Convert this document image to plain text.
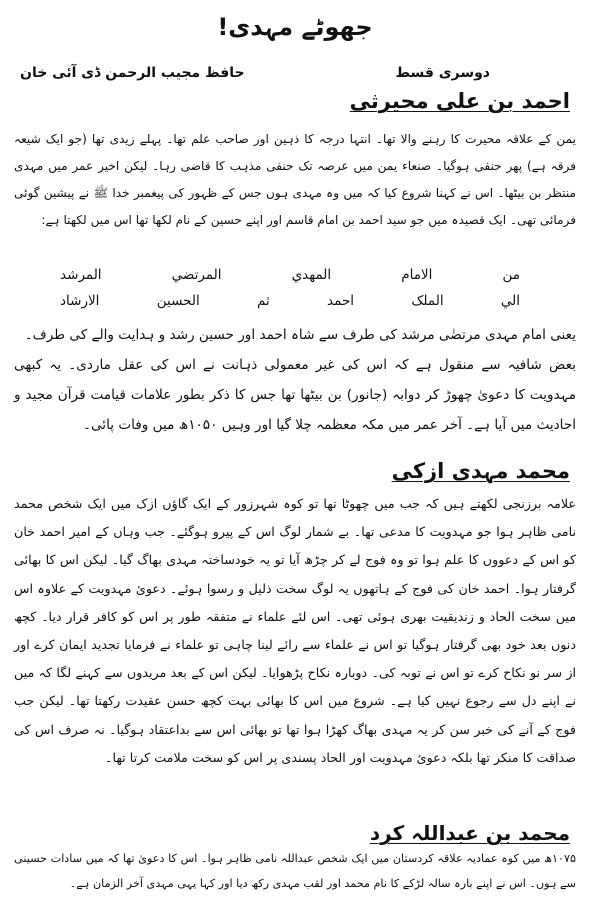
جھوٹے مہدی!
دوسری قسط
حافظ مجیب الرحمن ڈی آئی خان
احمد بن علی محیرثی

یمن کے علاقہ محیرت کا رہنے والا تھا۔ انتہا درجہ کا ذہین اور صاحب علم تھا۔ پہلے زیدی تھا (جو ایک شیعہ فرقہ ہے) پھر حنفی ہوگیا۔ صنعاء یمن میں عرصہ تک حنفی مذہب کا قاضی رہا۔ لیکن اخیر عمر میں مہدی منتظر بن بیٹھا۔ اس نے کہنا شروع کیا کہ میں وہ مہدی ہوں جس کے ظہور کی پیغمبر خدا ﷺ نے پیشین گوئی فرمائی تھی۔ ایک قصیدہ میں جو سید احمد بن امام قاسم اور اپنے حسین کے نام لکھا تھا اس میں لکھتا ہے:

من
الامام
المهدي
المرتضي
المرشد
الي
الملک
احمد
ثم
الحسين
الارشاد

یعنی امام مہدی مرتضٰی مرشد کی طرف سے شاہ احمد اور حسین رشد و ہدایت والے کی طرف۔

بعض شافیہ سے منقول ہے کہ اس کی غیر معمولی ذہانت نے اس کی عقل ماردی۔ یہ کبھی مہدویت کا دعویٰ چھوڑ کر دوابہ (جانور) بن بیٹھا تھا جس کا ذکر بطور علامات قیامت قرآن مجید و احادیث میں آیا ہے۔ آخر عمر میں مکہ معظمہ چلا گیا اور وہیں ۱۰۵۰ھ میں وفات پائی۔

محمد مہدی ازکی

علامہ برزنجی لکھتے ہیں کہ جب میں چھوٹا تھا تو کوہ شہرزور کے ایک گاؤں ازک میں ایک شخص محمد نامی ظاہر ہوا جو مہدویت کا مدعی تھا۔ بے شمار لوگ اس کے پیرو ہوگئے۔ جب وہاں کے امیر احمد خان کو اس کے دعووں کا علم ہوا تو وہ فوج لے کر چڑھ آیا تو یہ خودساختہ مہدی بھاگ گیا۔ لیکن اس کا بھائی گرفتار ہوا۔ احمد خان کی فوج کے ہاتھوں یہ لوگ سخت ذلیل و رسوا ہوئے۔ دعوئ مہدویت کے علاوہ اس میں سخت الحاد و زندیقیت بھری ہوئی تھی۔ اس لئے علماء نے متفقہ طور پر اس کو کافر قرار دیا۔ کچھ دنوں بعد خود بھی گرفتار ہوگیا تو اس نے علماء سے رائے لینا چاہی تو علماء نے فرمایا تجدید ایمان کرے اور از سر نو نکاح کرے تو اس نے توبہ کی۔ دوبارہ نکاح پڑھوایا۔ لیکن اس کے بعد مریدوں سے کہنے لگا کہ میں نے اپنے دل سے رجوع نہیں کیا ہے۔ شروع میں اس کا بھائی بہت کچھ حسن عقیدت رکھتا تھا۔ لیکن جب فوج کے آنے کی خبر سن کر یہ مہدی بھاگ کھڑا ہوا تھا تو بھائی اس سے بداعتقاد ہوگیا۔ نہ صرف اس کی صداقت کا منکر تھا بلکہ دعوئ مہدویت اور الحاد پسندی پر اس کو سخت ملامت کرتا تھا۔

محمد بن عبداللہ کرد

۱۰۷۵ھ میں کوہ عمادیہ علاقہ کردستان میں ایک شخص عبداللہ نامی ظاہر ہوا۔ اس کا دعویٰ تھا کہ میں سادات حسینی سے ہوں۔ اس نے اپنے بارہ سالہ لڑکے کا نام محمد اور لقب مہدی رکھ دیا اور کہا یہی مہدی آخر الزمان ہے۔
